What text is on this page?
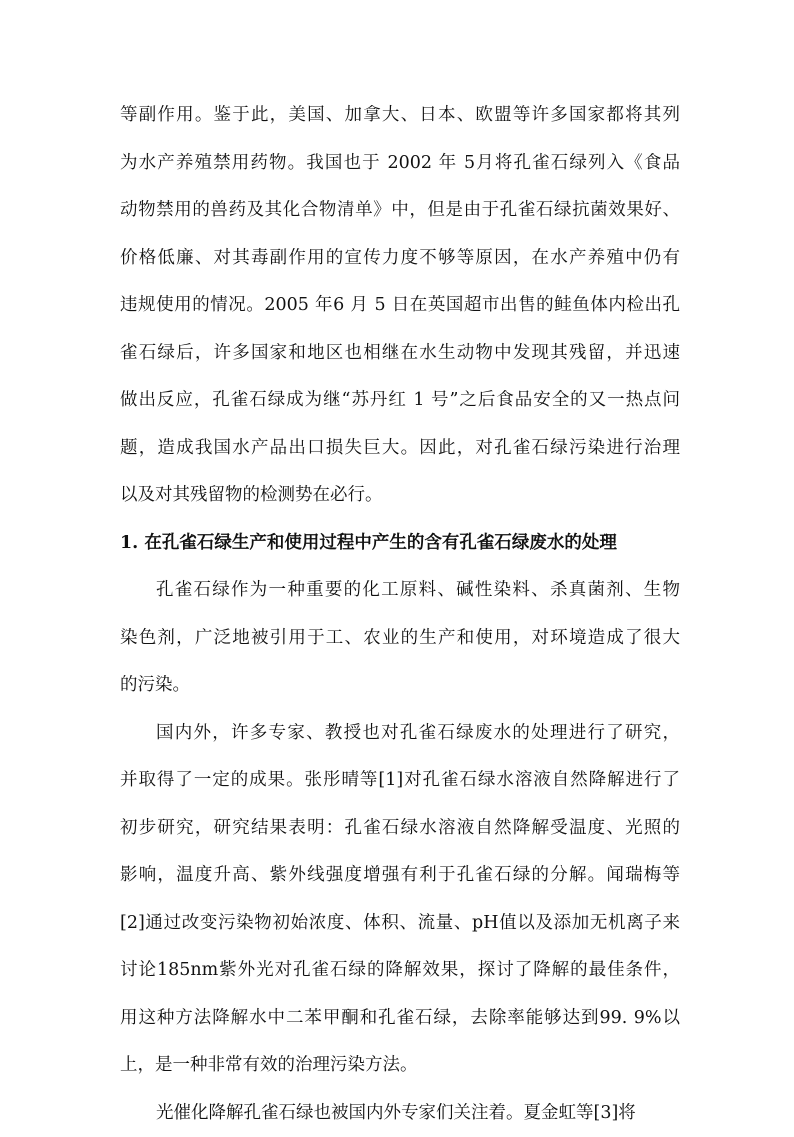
等副作用。鉴于此，美国、加拿大、日本、欧盟等许多国家都将其列
为水产养殖禁用药物。我国也于 2002 年 5月将孔雀石绿列入《食品
动物禁用的兽药及其化合物清单》中，但是由于孔雀石绿抗菌效果好、
价格低廉、对其毒副作用的宣传力度不够等原因，在水产养殖中仍有
违规使用的情况。2005 年6 月 5 日在英国超市出售的鲑鱼体内检出孔
雀石绿后，许多国家和地区也相继在水生动物中发现其残留，并迅速
做出反应，孔雀石绿成为继“苏丹红 1 号”之后食品安全的又一热点问
题，造成我国水产品出口损失巨大。因此，对孔雀石绿污染进行治理
以及对其残留物的检测势在必行。
1. 在孔雀石绿生产和使用过程中产生的含有孔雀石绿废水的处理
孔雀石绿作为一种重要的化工原料、碱性染料、杀真菌剂、生物
染色剂，广泛地被引用于工、农业的生产和使用，对环境造成了很大
的污染。
国内外，许多专家、教授也对孔雀石绿废水的处理进行了研究，
并取得了一定的成果。张彤晴等[1]对孔雀石绿水溶液自然降解进行了
初步研究，研究结果表明：孔雀石绿水溶液自然降解受温度、光照的
影响，温度升高、紫外线强度增强有利于孔雀石绿的分解。闻瑞梅等
[2]通过改变污染物初始浓度、体积、流量、pH值以及添加无机离子来
讨论185nm紫外光对孔雀石绿的降解效果，探讨了降解的最佳条件，
用这种方法降解水中二苯甲酮和孔雀石绿，去除率能够达到99. 9%以
上，是一种非常有效的治理污染方法。
光催化降解孔雀石绿也被国内外专家们关注着。夏金虹等[3]将
